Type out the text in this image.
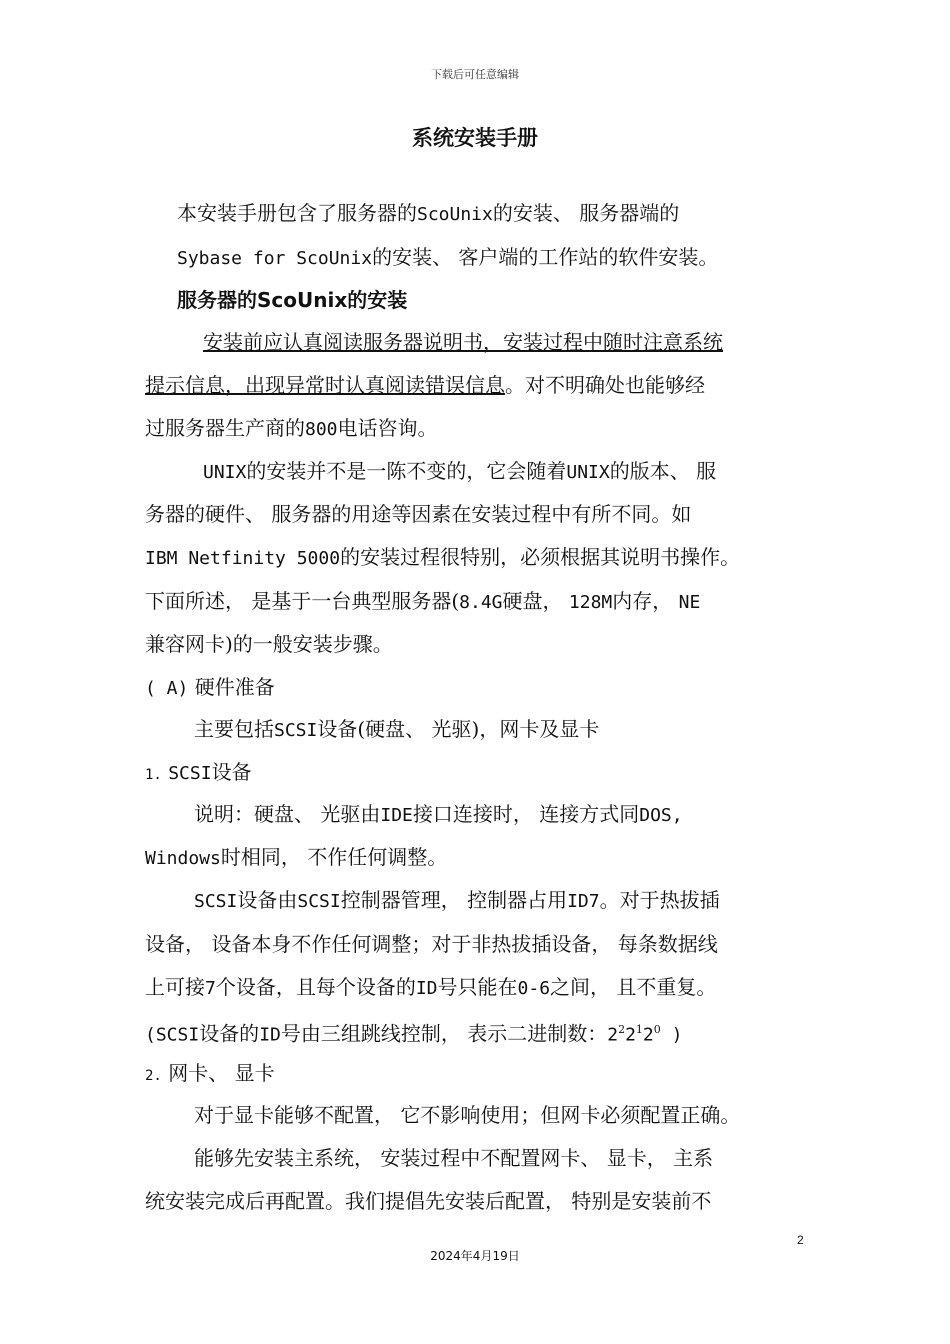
下载后可任意编辑
系统安装手册

本安装手册包含了服务器的ScoUnix的安装、 服务器端的

Sybase for ScoUnix的安装、 客户端的工作站的软件安装。

服务器的ScoUnix的安装

安装前应认真阅读服务器说明书，安装过程中随时注意系统

提示信息，出现异常时认真阅读错误信息。对不明确处也能够经

过服务器生产商的800电话咨询。

UNIX的安装并不是一陈不变的，它会随着UNIX的版本、 服

务器的硬件、 服务器的用途等因素在安装过程中有所不同。如

IBM Netfinity 5000的安装过程很特别，必须根据其说明书操作。

下面所述， 是基于一台典型服务器(8.4G硬盘， 128M内存， NE

兼容网卡)的一般安装步骤。

( A) 硬件准备

主要包括SCSI设备(硬盘、 光驱)，网卡及显卡

1. SCSI设备

说明：硬盘、 光驱由IDE接口连接时， 连接方式同DOS,

Windows时相同， 不作任何调整。

SCSI设备由SCSI控制器管理， 控制器占用ID7。对于热拔插

设备， 设备本身不作任何调整；对于非热拔插设备， 每条数据线

上可接7个设备，且每个设备的ID号只能在0-6之间， 且不重复。

(SCSI设备的ID号由三组跳线控制， 表示二进制数：$2^22^12^0$ )

2. 网卡、 显卡

对于显卡能够不配置， 它不影响使用；但网卡必须配置正确。

能够先安装主系统， 安装过程中不配置网卡、 显卡， 主系

统安装完成后再配置。我们提倡先安装后配置， 特别是安装前不

2
2024年4月19日
